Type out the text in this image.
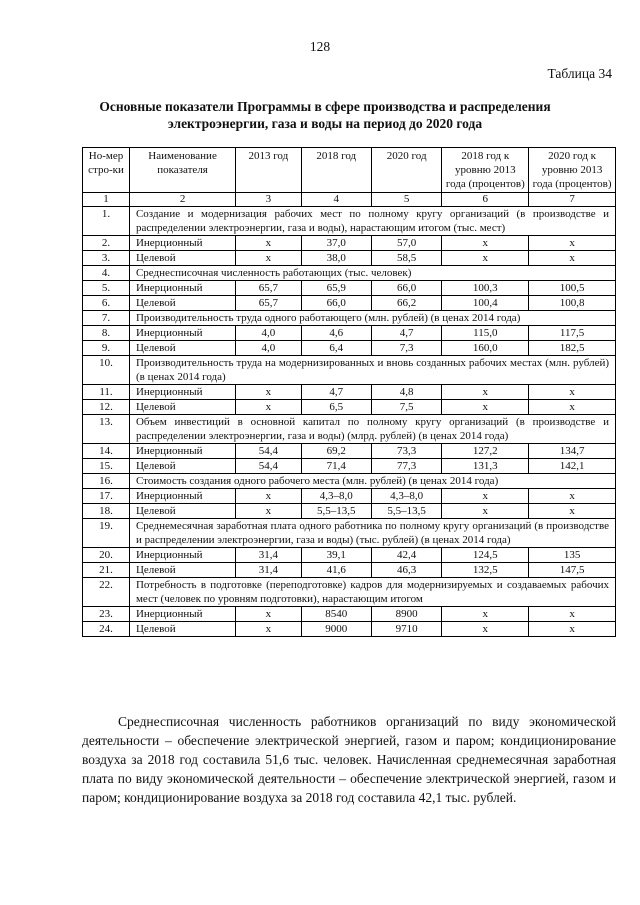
128
Таблица 34
Основные показатели Программы в сфере производства и распределения электроэнергии, газа и воды на период до 2020 года
Но-мер стро-ки	Наименование показателя	2013 год	2018 год	2020 год	2018 год к уровню 2013 года (процентов)	2020 год к уровню 2013 года (процентов)
1	2	3	4	5	6	7
1.	Создание и модернизация рабочих мест по полному кругу организаций (в производстве и распределении электроэнергии, газа и воды), нарастающим итогом (тыс. мест)					
2.	Инерционный	х	37,0	57,0	х	х
3.	Целевой	х	38,0	58,5	х	х
4.	Среднесписочная численность работающих (тыс. человек)					
5.	Инерционный	65,7	65,9	66,0	100,3	100,5
6.	Целевой	65,7	66,0	66,2	100,4	100,8
7.	Производительность труда одного работающего (млн. рублей) (в ценах 2014 года)					
8.	Инерционный	4,0	4,6	4,7	115,0	117,5
9.	Целевой	4,0	6,4	7,3	160,0	182,5
10.	Производительность труда на модернизированных и вновь созданных рабочих местах (млн. рублей) (в ценах 2014 года)					
11.	Инерционный	х	4,7	4,8	х	х
12.	Целевой	х	6,5	7,5	х	х
13.	Объем инвестиций в основной капитал по полному кругу организаций (в производстве и распределении электроэнергии, газа и воды) (млрд. рублей) (в ценах 2014 года)					
14.	Инерционный	54,4	69,2	73,3	127,2	134,7
15.	Целевой	54,4	71,4	77,3	131,3	142,1
16.	Стоимость создания одного рабочего места (млн. рублей) (в ценах 2014 года)					
17.	Инерционный	х	4,3–8,0	4,3–8,0	х	х
18.	Целевой	х	5,5–13,5	5,5–13,5	х	х
19.	Среднемесячная заработная плата одного работника по полному кругу организаций (в производстве и распределении электроэнергии, газа и воды) (тыс. рублей) (в ценах 2014 года)					
20.	Инерционный	31,4	39,1	42,4	124,5	135
21.	Целевой	31,4	41,6	46,3	132,5	147,5
22.	Потребность в подготовке (переподготовке) кадров для модернизируемых и создаваемых рабочих мест (человек по уровням подготовки), нарастающим итогом					
23.	Инерционный	х	8540	8900	х	х
24.	Целевой	х	9000	9710	х	х
Среднесписочная численность работников организаций по виду экономической деятельности – обеспечение электрической энергией, газом и паром; кондиционирование воздуха за 2018 год составила 51,6 тыс. человек. Начисленная среднемесячная заработная плата по виду экономической деятельности – обеспечение электрической энергией, газом и паром; кондиционирование воздуха за 2018 год составила 42,1 тыс. рублей.
